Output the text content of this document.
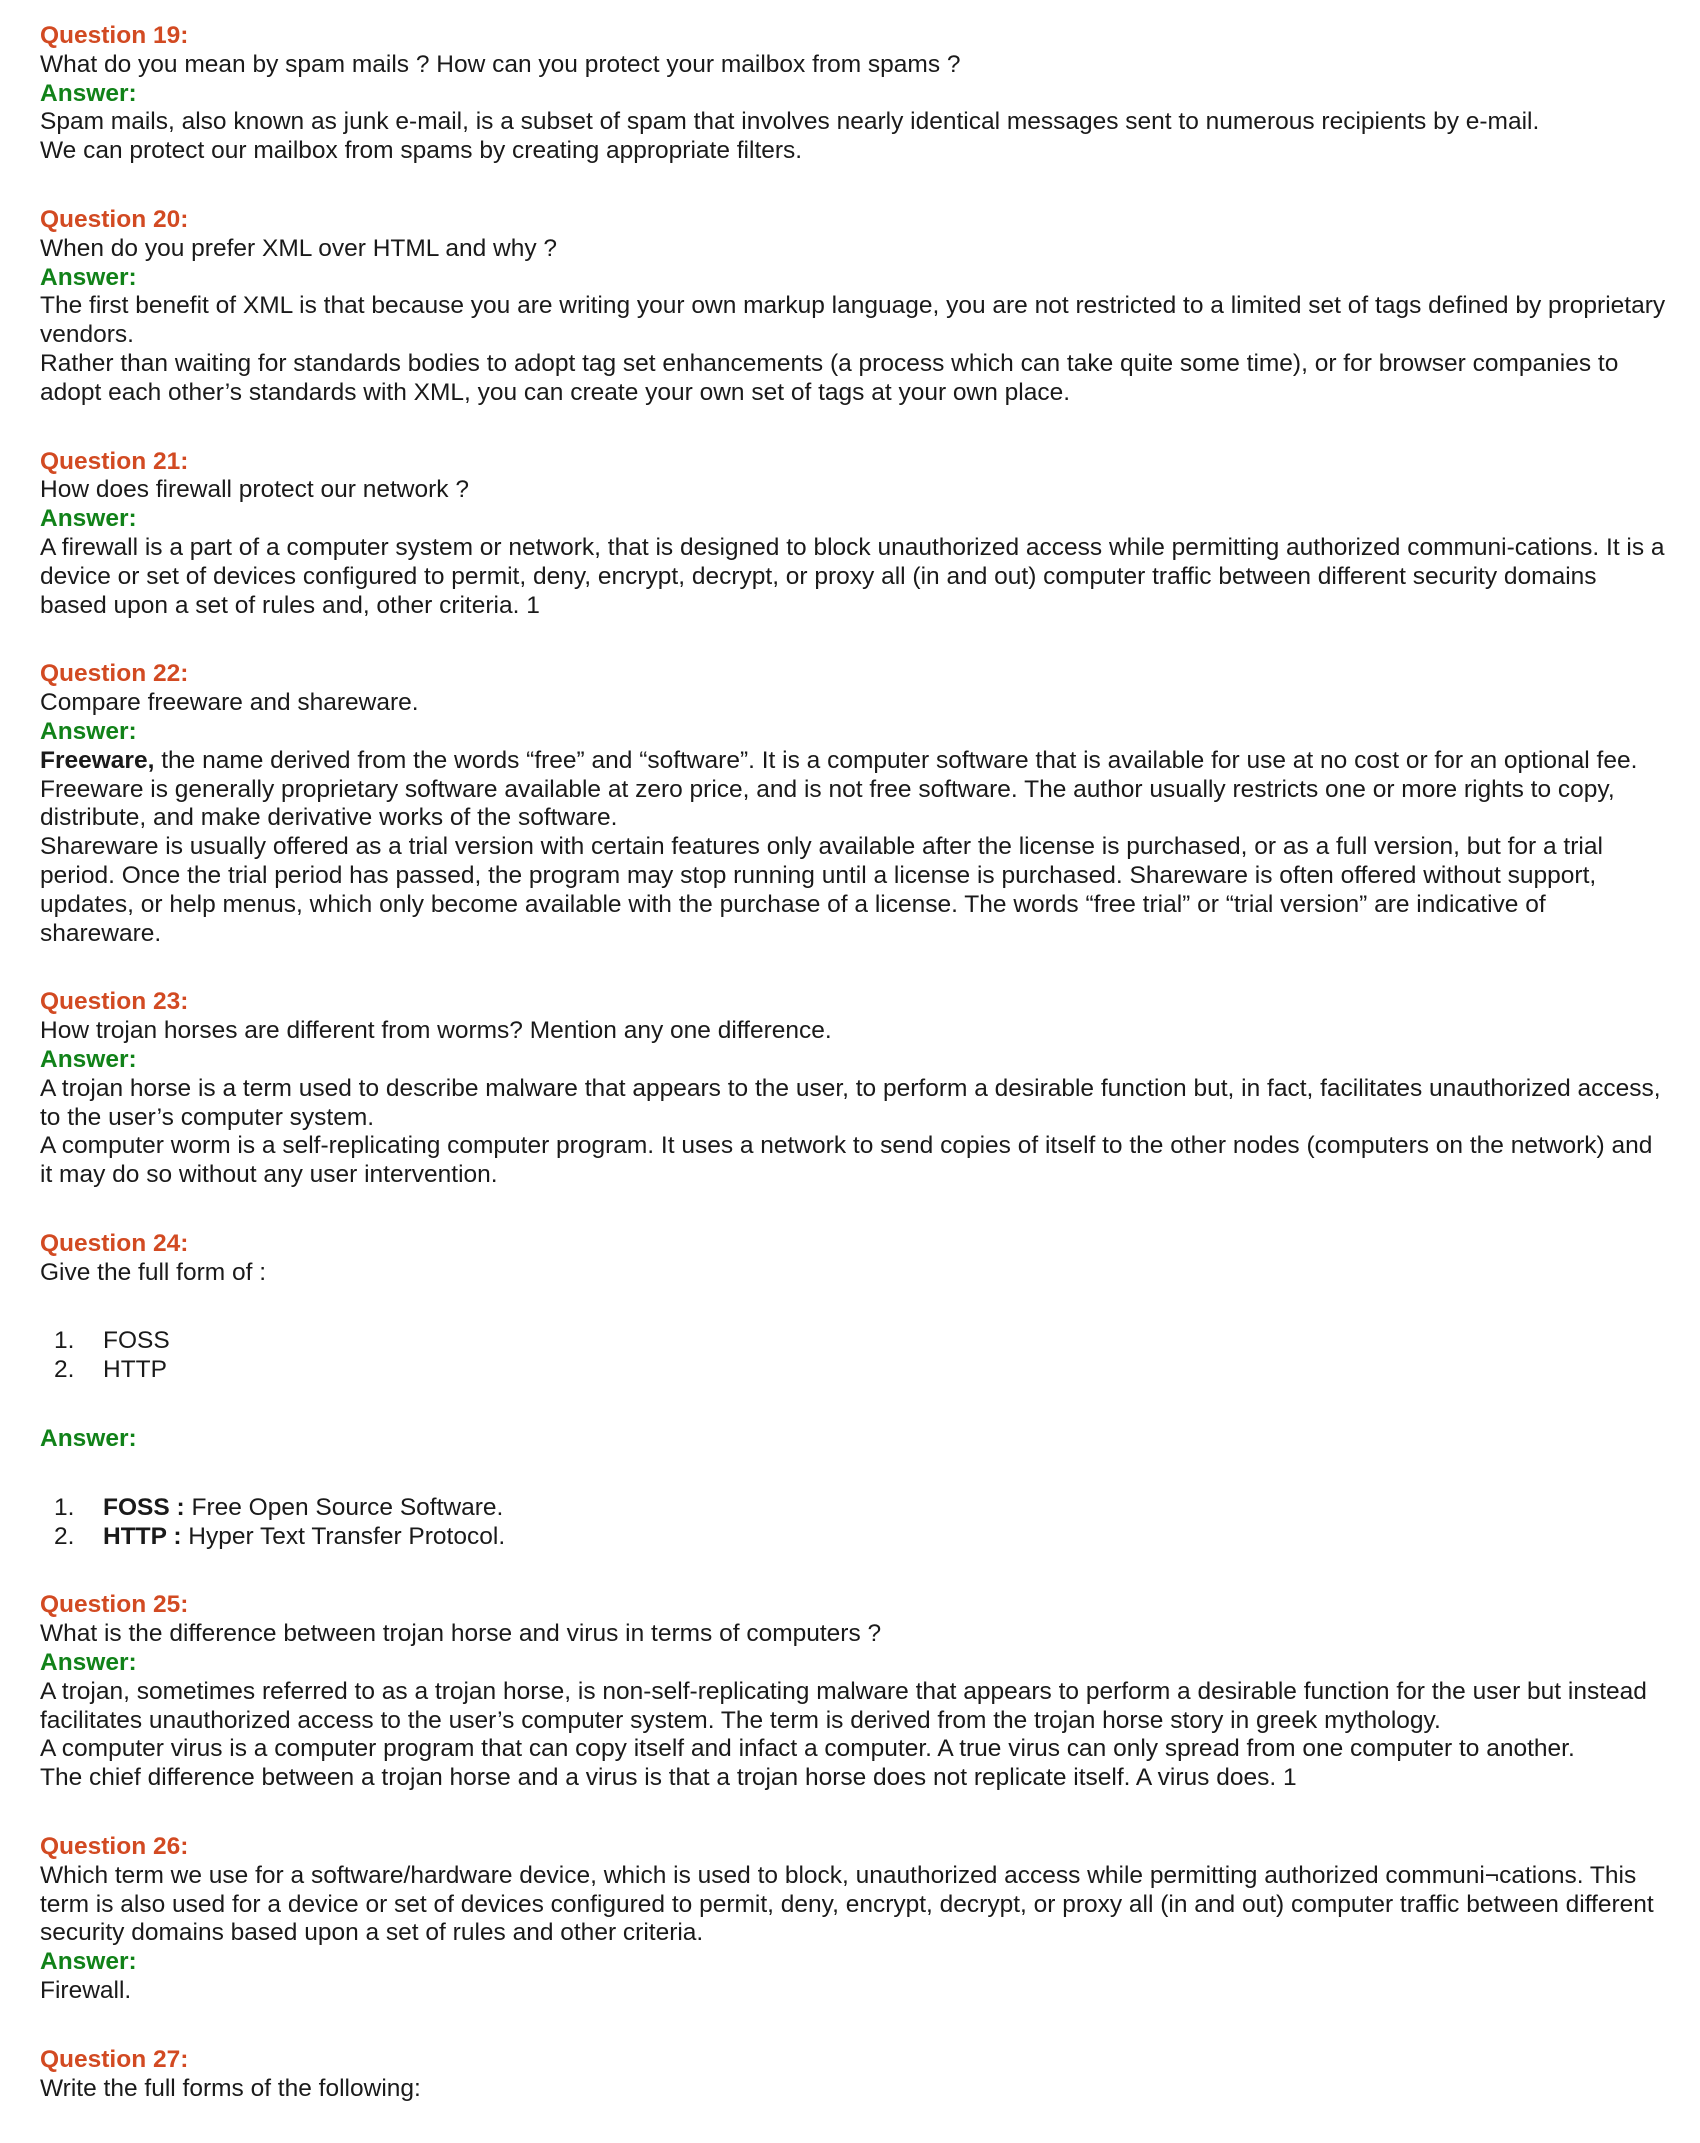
Question 19:

What do you mean by spam mails ? How can you protect your mailbox from spams ?

Answer:

Spam mails, also known as junk e-mail, is a subset of spam that involves nearly identical messages sent to numerous recipients by e-mail.

We can protect our mailbox from spams by creating appropriate filters.

Question 20:

When do you prefer XML over HTML and why ?

Answer:

The first benefit of XML is that because you are writing your own markup language, you are not restricted to a limited set of tags defined by proprietary vendors.

Rather than waiting for standards bodies to adopt tag set enhancements (a process which can take quite some time), or for browser companies to adopt each other’s standards with XML, you can create your own set of tags at your own place.

Question 21:

How does firewall protect our network ?

Answer:

A firewall is a part of a computer system or network, that is designed to block unauthorized access while permitting authorized communi-cations. It is a device or set of devices configured to permit, deny, encrypt, decrypt, or proxy all (in and out) computer traffic between different security domains based upon a set of rules and, other criteria. 1

Question 22:

Compare freeware and shareware.

Answer:

Freeware, the name derived from the words “free” and “software”. It is a computer software that is available for use at no cost or for an optional fee. Freeware is generally proprietary software available at zero price, and is not free software. The author usually restricts one or more rights to copy, distribute, and make derivative works of the software.

Shareware is usually offered as a trial version with certain features only available after the license is purchased, or as a full version, but for a trial period. Once the trial period has passed, the program may stop running until a license is purchased. Shareware is often offered without support, updates, or help menus, which only become available with the purchase of a license. The words “free trial” or “trial version” are indicative of shareware.

Question 23:

How trojan horses are different from worms? Mention any one difference.

Answer:

A trojan horse is a term used to describe malware that appears to the user, to perform a desirable function but, in fact, facilitates unauthorized access, to the user’s computer system.

A computer worm is a self-replicating computer program. It uses a network to send copies of itself to the other nodes (computers on the network) and it may do so without any user intervention.

Question 24:

Give the full form of :

1.	FOSS
2.	HTTP

Answer:

1.	FOSS : Free Open Source Software.
2.	HTTP : Hyper Text Transfer Protocol.

Question 25:

What is the difference between trojan horse and virus in terms of computers ?

Answer:

A trojan, sometimes referred to as a trojan horse, is non-self-replicating malware that appears to perform a desirable function for the user but instead facilitates unauthorized access to the user’s computer system. The term is derived from the trojan horse story in greek mythology.

A computer virus is a computer program that can copy itself and infact a computer. A true virus can only spread from one computer to another.

The chief difference between a trojan horse and a virus is that a trojan horse does not replicate itself. A virus does. 1

Question 26:

Which term we use for a software/hardware device, which is used to block, unauthorized access while permitting authorized communi¬cations. This term is also used for a device or set of devices configured to permit, deny, encrypt, decrypt, or proxy all (in and out) computer traffic between different security domains based upon a set of rules and other criteria.

Answer:

Firewall.

Question 27:

Write the full forms of the following:
